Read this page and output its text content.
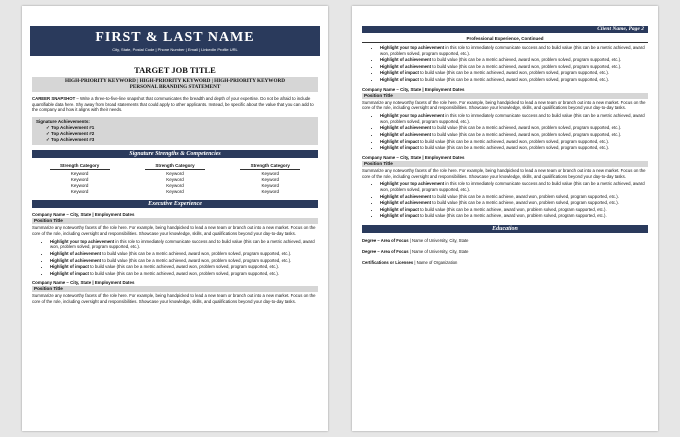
FIRST & LAST NAME
City, State, Postal Code | Phone Number | Email | LinkedIn Profile URL
TARGET JOB TITLE
HIGH-PRIORITY KEYWORD | HIGH-PRIORITY KEYWORD | HIGH-PRIORITY KEYWORD
PERSONAL BRANDING STATEMENT
CAREER SNAPSHOT – Write a three-to-five-line snapshot that communicates the breadth and depth of your expertise. Do not be afraid to include quantifiable data here. Shy away from broad statements that could apply to other applicants. Instead, be specific about the value that you can add to the company and how it aligns with their needs.
Signature Achievements:
✓ Top Achievement #1
✓ Top Achievement #2
✓ Top Achievement #3
Signature Strengths & Competencies
Strength Category
Keyword
Keyword
Keyword
Keyword
Strength Category
Keyword
Keyword
Keyword
Keyword
Strength Category
Keyword
Keyword
Keyword
Keyword
Executive Experience
Company Name – City, State | Employment Dates
Position Title
Summarize any noteworthy facets of the role here. For example, being handpicked to lead a new team or branch out into a new market. Focus on the core of the role, including oversight and responsibilities. Showcase your knowledge, skills, and qualifications beyond your day-to-day tasks.
• Highlight your top achievement in this role to immediately communicate success and to build value (this can be a metric achieved, award won, problem solved, program supported, etc.).
• Highlight of achievement to build value (this can be a metric achieved, award won, problem solved, program supported, etc.).
• Highlight of achievement to build value (this can be a metric achieved, award won, problem solved, program supported, etc.).
• Highlight of impact to build value (this can be a metric achieved, award won, problem solved, program supported, etc.).
• Highlight of impact to build value (this can be a metric achieved, award won, problem solved, program supported, etc.).
Company Name – City, State | Employment Dates
Position Title
Summarize any noteworthy facets of the role here. For example, being handpicked to lead a new team or branch out into a new market. Focus on the core of the role, including oversight and responsibilities. Showcase your knowledge, skills, and qualifications beyond your day-to-day tasks.
Client Name, Page 2
Professional Experience, Continued
• Highlight your top achievement in this role to immediately communicate success and to build value (this can be a metric achieved, award won, problem solved, program supported, etc.).
• Highlight of achievement to build value (this can be a metric achieved, award won, problem solved, program supported, etc.).
• Highlight of achievement to build value (this can be a metric achieved, award won, problem solved, program supported, etc.).
• Highlight of impact to build value (this can be a metric achieved, award won, problem solved, program supported, etc.).
• Highlight of impact to build value (this can be a metric achieved, award won, problem solved, program supported, etc.).
Company Name – City, State | Employment Dates
Position Title
Summarize any noteworthy facets of the role here. For example, being handpicked to lead a new team or branch out into a new market. Focus on the core of the role, including oversight and responsibilities. Showcase your knowledge, skills, and qualifications beyond your day-to-day tasks.
• Highlight your top achievement in this role to immediately communicate success and to build value (this can be a metric achieved, award won, problem solved, program supported, etc.).
• Highlight of achievement to build value (this can be a metric achieved, award won, problem solved, program supported, etc.).
• Highlight of achievement to build value (this can be a metric achieved, award won, problem solved, program supported, etc.).
• Highlight of impact to build value (this can be a metric achieved, award won, problem solved, program supported, etc.).
• Highlight of impact to build value (this can be a metric achieved, award won, problem solved, program supported, etc.).
Company Name – City, State | Employment Dates
Position Title
Summarize any noteworthy facets of the role here. For example, being handpicked to lead a new team or branch out into a new market. Focus on the core of the role, including oversight and responsibilities. Showcase your knowledge, skills, and qualifications beyond your day-to-day tasks.
• Highlight your top achievement in this role to immediately communicate success and to build value (this can be a metric achieved, award won, problem solved, program supported, etc.).
• Highlight of achievement to build value (this can be a metric achieve, award won, problem solved, program supported, etc.).
• Highlight of achievement to build value (this can be a metric achieve, award won, problem solved, program supported, etc.).
• Highlight of impact to build value (this can be a metric achieve, award won, problem solved, program supported, etc.).
• Highlight of impact to build value (this can be a metric achieve, award won, problem solved, program supported, etc.).
Education
Degree – Area of Focus | Name of University, City, State
Degree – Area of Focus | Name of University, City, State
Certifications or Licenses | Name of Organization
